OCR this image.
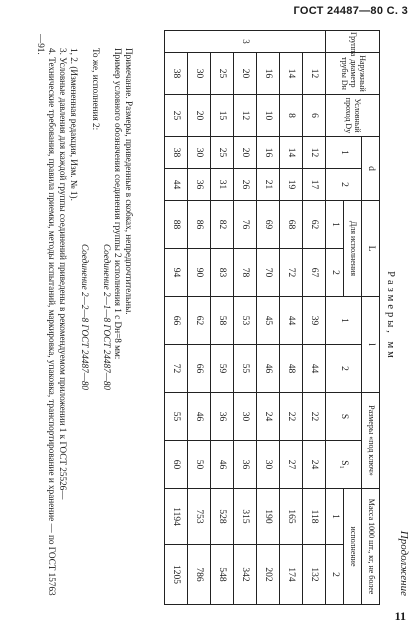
ГОСТ 24487—80 С. 3
Продолжение
Размеры, мм
Группа	Наружный диаметр трубы Dн	Условный проход Dу	d		L		l		Размеры «под ключ»		Масса 1000 шт., кг, не более	
			1	2	Для исполнения		1	2	S	S₁	исполнение	
					1	2					1	2
3	12	6	12	17	62	67	39	44	22	24	118	132
	14	8	14	19	68	72	44	48	22	27	165	174
	16	10	16	21	69	70	45	46	24	30	190	202
	20	12	20	26	76	78	53	55	30	36	315	342
	25	15	25	31	82	83	58	59	36	46	528	548
	30	20	30	36	86	90	62	66	46	50	753	786
	38	25	38	44	88	94	66	72	55	60	1194	1205

Примечание. Размеры, приведенные в скобках, непредпочтительны.

Пример условного обозначения соединения группы 2 исполнения 1 с Dн=8 мм:

Соединение 2—1—8 ГОСТ 24487—80

То же, исполнения 2:

Соединение 2—2—8 ГОСТ 24487—80

1, 2. (Измененная редакция, Изм. № 1).

3. Условные давления для каждой группы соединений приведены в рекомендуемом приложении 1 к ГОСТ 25526—

4. Технические требования, правила приемки, методы испытаний, маркировка, упаковка, транспортирование и хранение — по ГОСТ 15763—91.

11
